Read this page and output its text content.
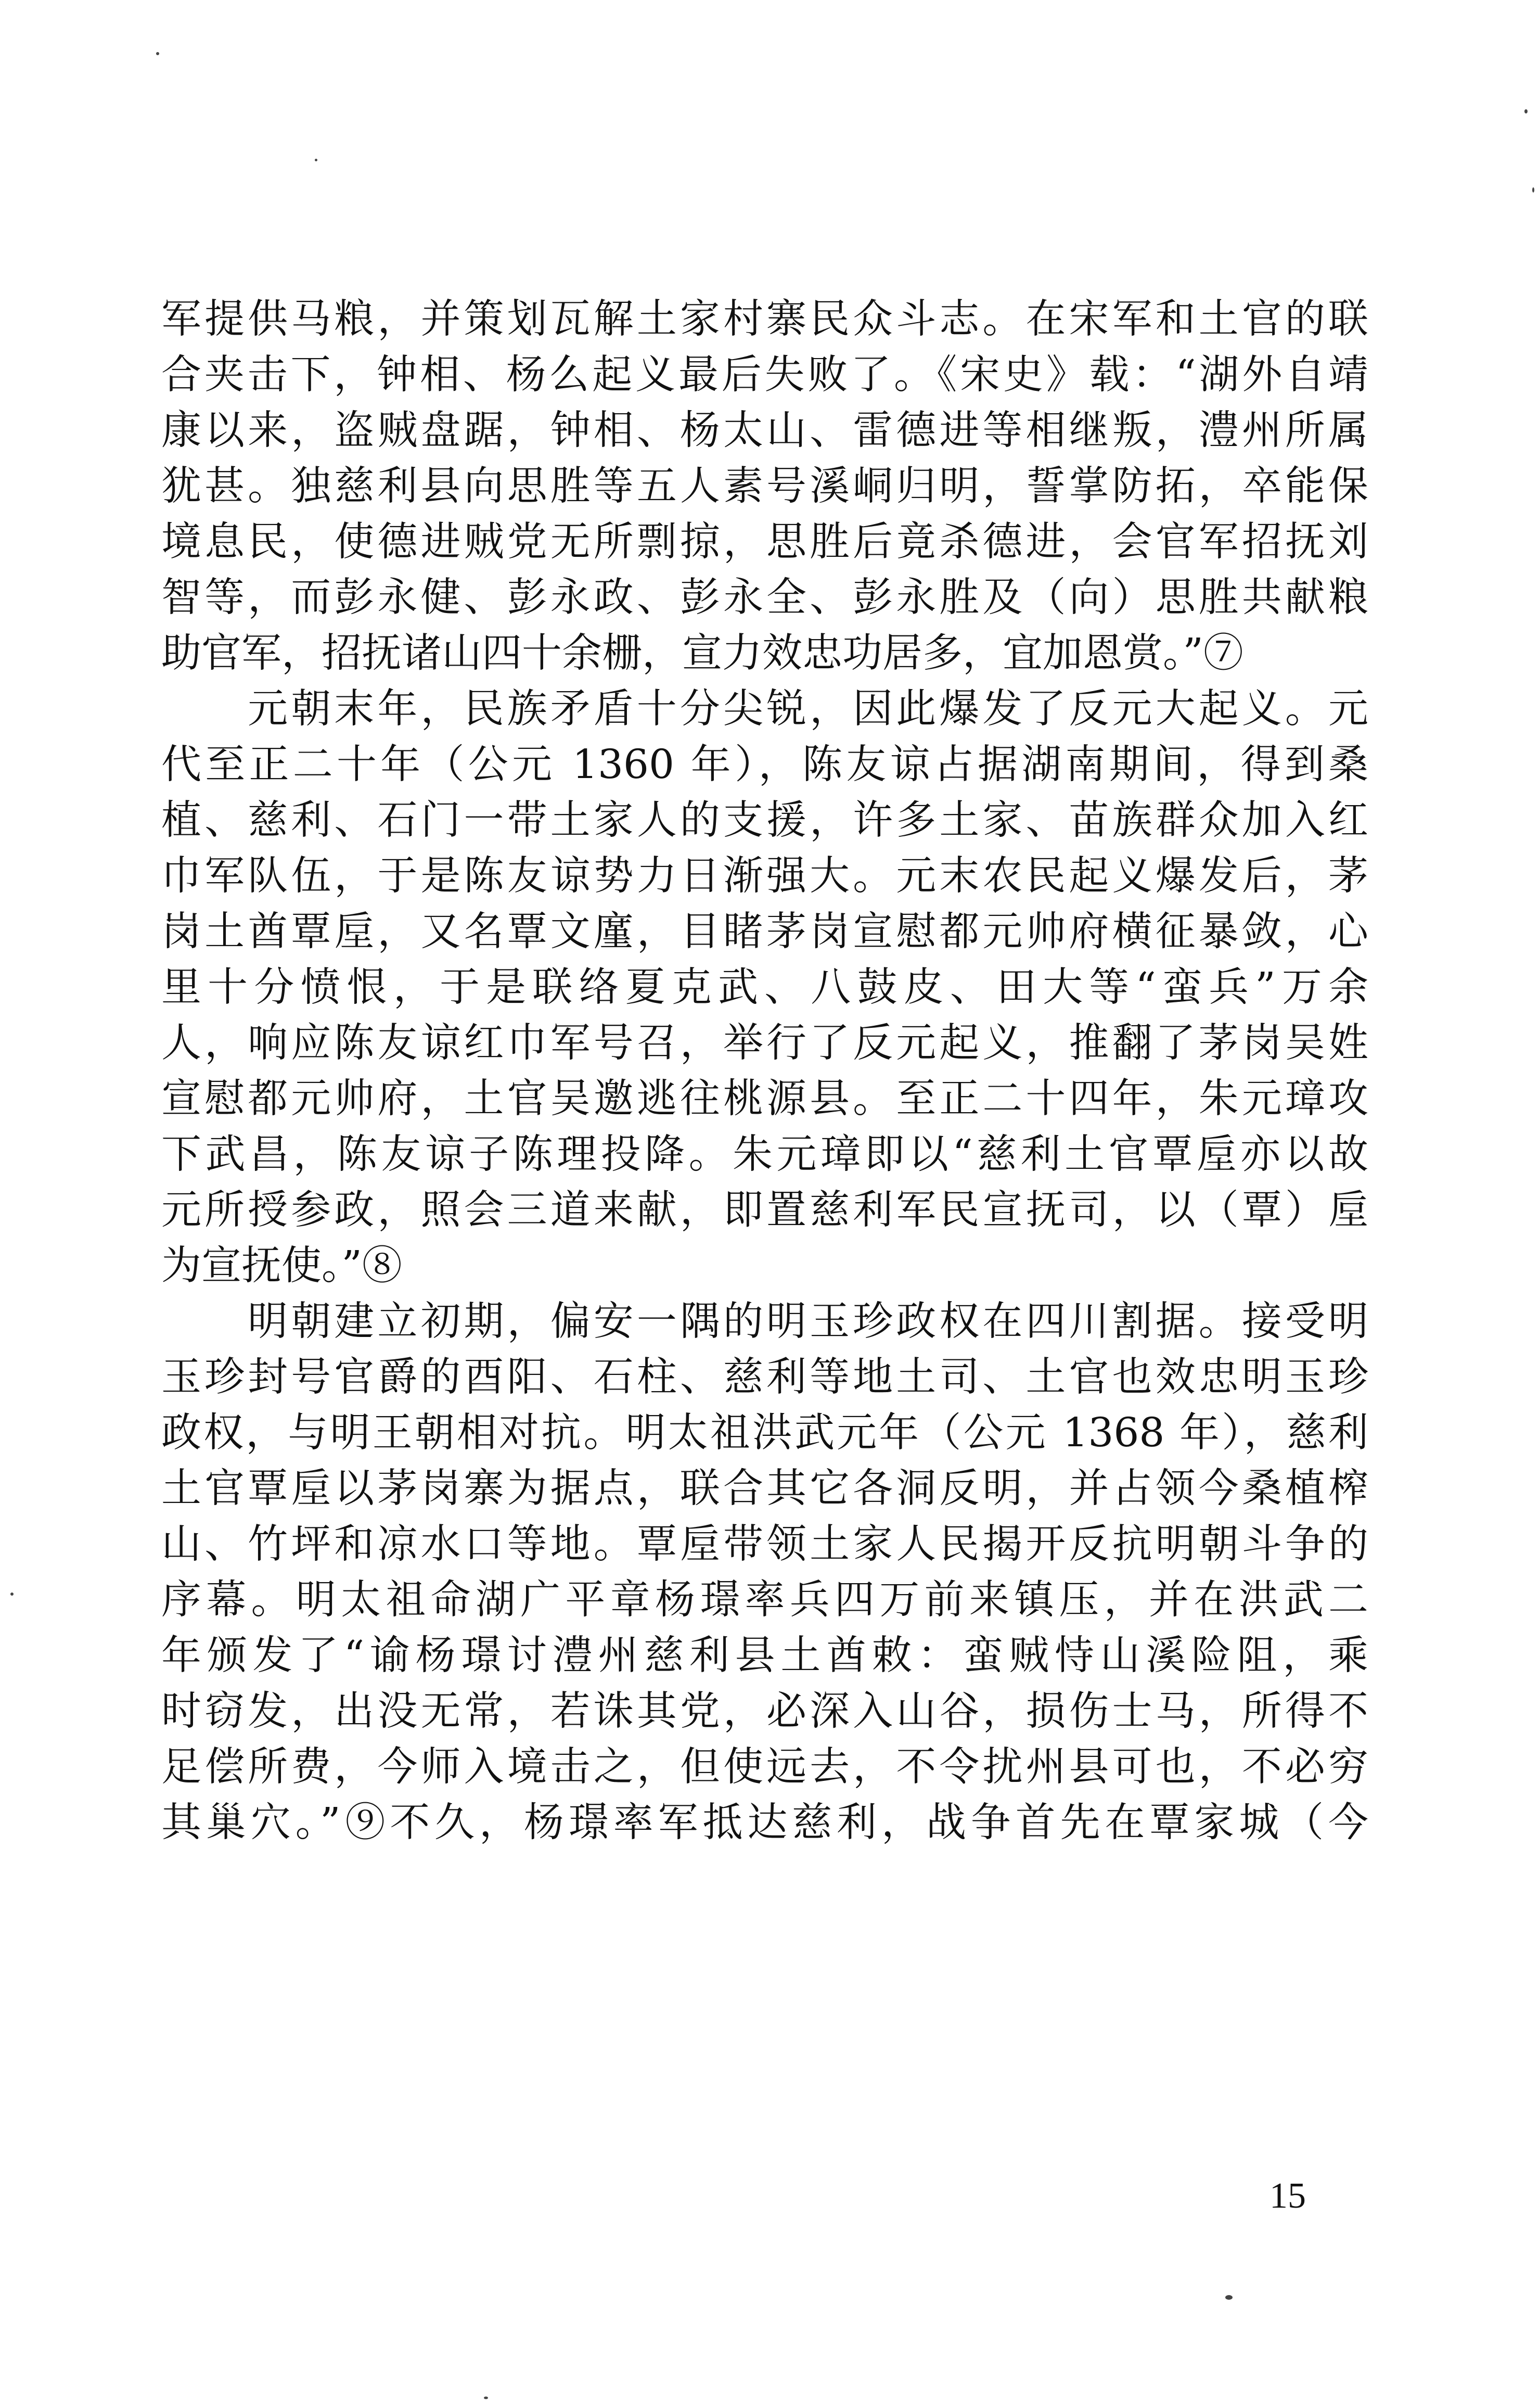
军提供马粮，并策划瓦解土家村寨民众斗志。在宋军和土官的联
合夹击下，钟相、杨么起义最后失败了。《宋史》载：“湖外自靖
康以来，盗贼盘踞，钟相、杨太山、雷德进等相继叛，澧州所属
犹甚。独慈利县向思胜等五人素号溪峒归明，誓掌防拓，卒能保
境息民，使德进贼党无所剽掠，思胜后竟杀德进，会官军招抚刘
智等，而彭永健、彭永政、彭永全、彭永胜及（向）思胜共献粮
助官军，招抚诸山四十余栅，宣力效忠功居多，宜加恩赏。”⑦
　　元朝末年，民族矛盾十分尖锐，因此爆发了反元大起义。元
代至正二十年（公元 1360 年），陈友谅占据湖南期间，得到桑
植、慈利、石门一带土家人的支援，许多土家、苗族群众加入红
巾军队伍，于是陈友谅势力日渐强大。元末农民起义爆发后，茅
岗土酋覃垕，又名覃文廑，目睹茅岗宣慰都元帅府横征暴敛，心
里十分愤恨，于是联络夏克武、八鼓皮、田大等“蛮兵”万余
人，响应陈友谅红巾军号召，举行了反元起义，推翻了茅岗吴姓
宣慰都元帅府，土官吴邀逃往桃源县。至正二十四年，朱元璋攻
下武昌，陈友谅子陈理投降。朱元璋即以“慈利土官覃垕亦以故
元所授参政，照会三道来献，即置慈利军民宣抚司，以（覃）垕
为宣抚使。”⑧
　　明朝建立初期，偏安一隅的明玉珍政权在四川割据。接受明
玉珍封号官爵的酉阳、石柱、慈利等地土司、土官也效忠明玉珍
政权，与明王朝相对抗。明太祖洪武元年（公元 1368 年），慈利
土官覃垕以茅岗寨为据点，联合其它各洞反明，并占领今桑植榨
山、竹坪和凉水口等地。覃垕带领土家人民揭开反抗明朝斗争的
序幕。明太祖命湖广平章杨璟率兵四万前来镇压，并在洪武二
年颁发了“谕杨璟讨澧州慈利县土酋敕：蛮贼恃山溪险阻，乘
时窃发，出没无常，若诛其党，必深入山谷，损伤士马，所得不
足偿所费，今师入境击之，但使远去，不令扰州县可也，不必穷
其巢穴。”⑨不久，杨璟率军抵达慈利，战争首先在覃家城（今
15
